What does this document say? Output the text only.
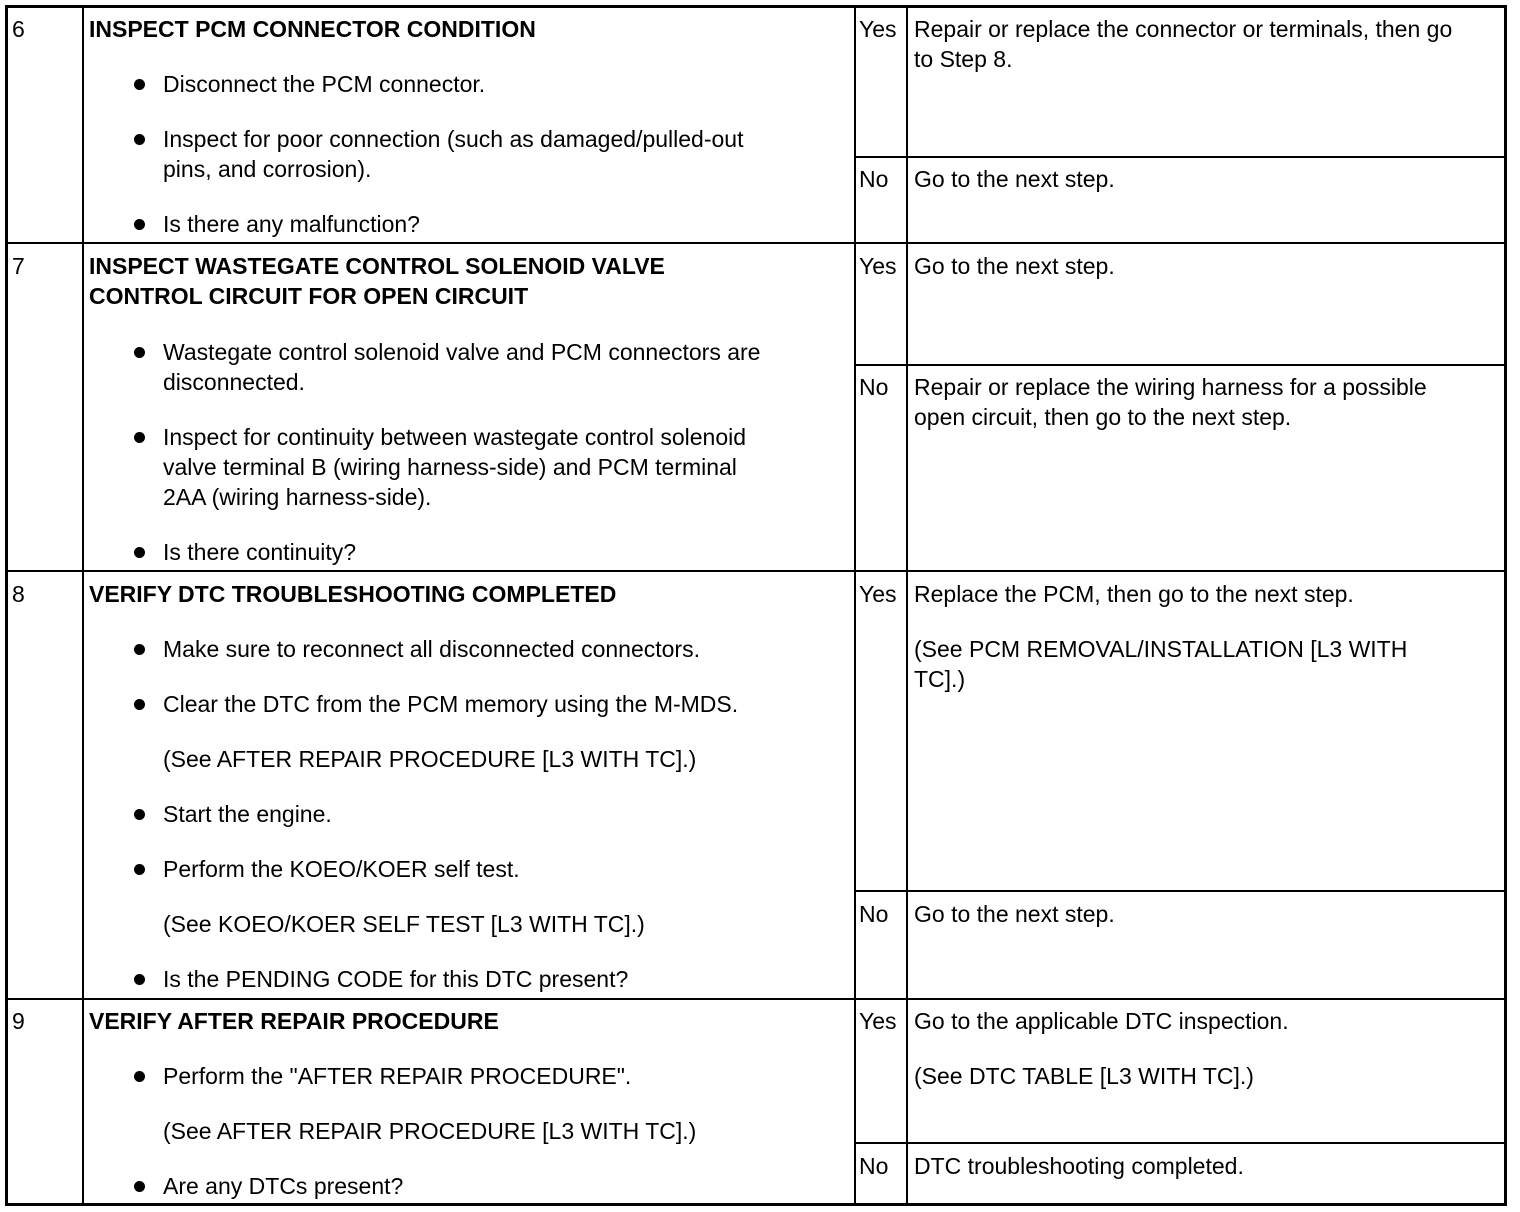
6	INSPECT PCM CONNECTOR CONDITION
Disconnect the PCM connector.
Inspect for poor connection (such as damaged/pulled-out
pins, and corrosion).
Is there any malfunction?
Yes Repair or replace the connector or terminals, then go
to Step 8.
No Go to the next step.
7	INSPECT WASTEGATE CONTROL SOLENOID VALVE
CONTROL CIRCUIT FOR OPEN CIRCUIT
Wastegate control solenoid valve and PCM connectors are
disconnected.
Inspect for continuity between wastegate control solenoid
valve terminal B (wiring harness-side) and PCM terminal
2AA (wiring harness-side).
Is there continuity?
Yes Go to the next step.
No Repair or replace the wiring harness for a possible
open circuit, then go to the next step.
8	VERIFY DTC TROUBLESHOOTING COMPLETED
Make sure to reconnect all disconnected connectors.
Clear the DTC from the PCM memory using the M-MDS.
(See AFTER REPAIR PROCEDURE [L3 WITH TC].)
Start the engine.
Perform the KOEO/KOER self test.
(See KOEO/KOER SELF TEST [L3 WITH TC].)
Is the PENDING CODE for this DTC present?
Yes Replace the PCM, then go to the next step.
(See PCM REMOVAL/INSTALLATION [L3 WITH
TC].)
No Go to the next step.
9	VERIFY AFTER REPAIR PROCEDURE
Perform the "AFTER REPAIR PROCEDURE".
(See AFTER REPAIR PROCEDURE [L3 WITH TC].)
Are any DTCs present?
Yes Go to the applicable DTC inspection.
(See DTC TABLE [L3 WITH TC].)
No DTC troubleshooting completed.
